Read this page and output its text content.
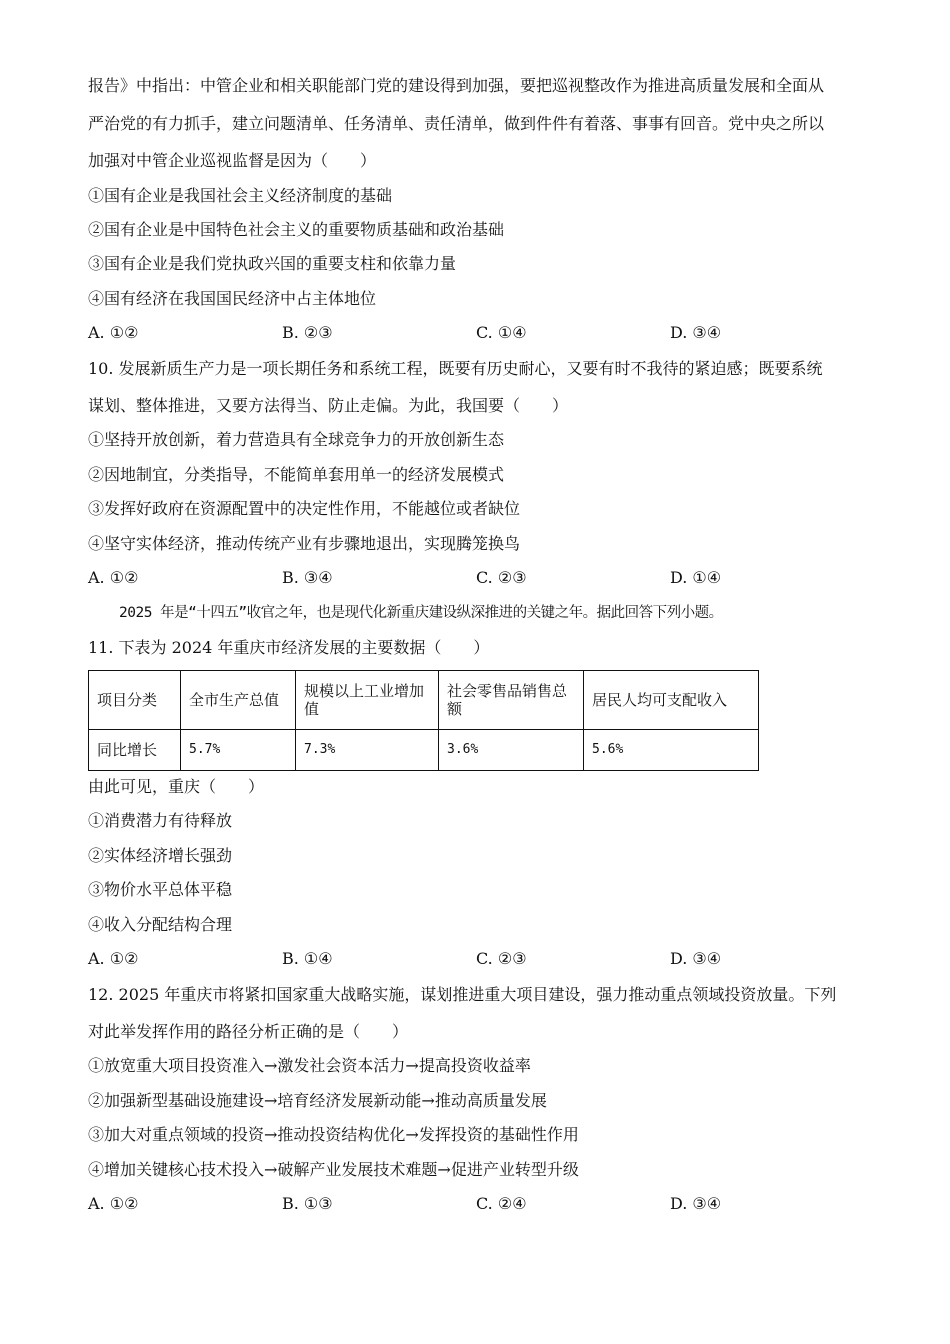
报告》中指出：中管企业和相关职能部门党的建设得到加强，要把巡视整改作为推进高质量发展和全面从
严治党的有力抓手，建立问题清单、任务清单、责任清单，做到件件有着落、事事有回音。党中央之所以
加强对中管企业巡视监督是因为（　　）
①国有企业是我国社会主义经济制度的基础
②国有企业是中国特色社会主义的重要物质基础和政治基础
③国有企业是我们党执政兴国的重要支柱和依靠力量
④国有经济在我国国民经济中占主体地位
A. ①②	B. ②③	C. ①④	D. ③④
10. 发展新质生产力是一项长期任务和系统工程，既要有历史耐心，又要有时不我待的紧迫感；既要系统
谋划、整体推进，又要方法得当、防止走偏。为此，我国要（　　）
①坚持开放创新，着力营造具有全球竞争力的开放创新生态
②因地制宜，分类指导，不能简单套用单一的经济发展模式
③发挥好政府在资源配置中的决定性作用，不能越位或者缺位
④坚守实体经济，推动传统产业有步骤地退出，实现腾笼换鸟
A. ①②	B. ③④	C. ②③	D. ①④
2025 年是“十四五”收官之年，也是现代化新重庆建设纵深推进的关键之年。据此回答下列小题。
11. 下表为 2024 年重庆市经济发展的主要数据（　　）
项目分类	全市生产总值	规模以上工业增加值	社会零售品销售总额	居民人均可支配收入
同比增长	5.7%	7.3%	3.6%	5.6%
由此可见，重庆（　　）
①消费潜力有待释放
②实体经济增长强劲
③物价水平总体平稳
④收入分配结构合理
A. ①②	B. ①④	C. ②③	D. ③④
12. 2025 年重庆市将紧扣国家重大战略实施，谋划推进重大项目建设，强力推动重点领域投资放量。下列
对此举发挥作用的路径分析正确的是（　　）
①放宽重大项目投资准入→激发社会资本活力→提高投资收益率
②加强新型基础设施建设→培育经济发展新动能→推动高质量发展
③加大对重点领域的投资→推动投资结构优化→发挥投资的基础性作用
④增加关键核心技术投入→破解产业发展技术难题→促进产业转型升级
A. ①②	B. ①③	C. ②④	D. ③④
